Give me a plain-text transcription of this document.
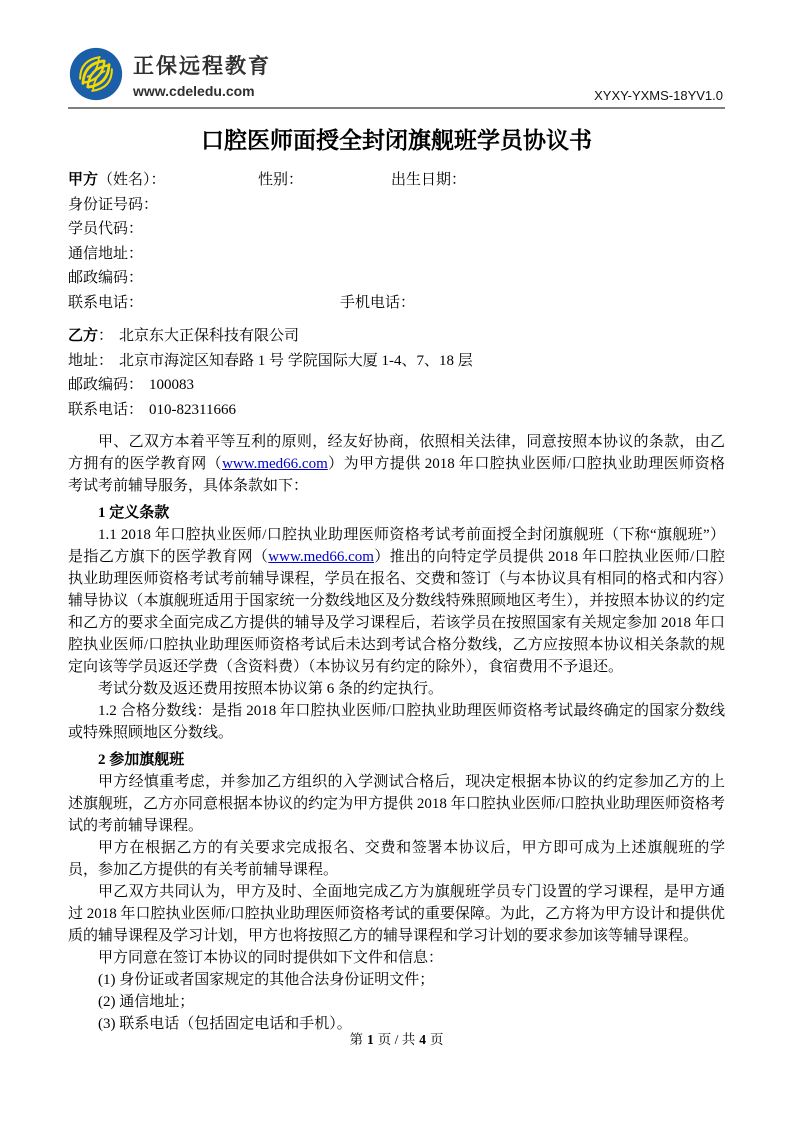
正保远程教育
www.cdeledu.com	XYXY-YXMS-18YV1.0
口腔医师面授全封闭旗舰班学员协议书
甲方（姓名）：	性别：	出生日期：
身份证号码：
学员代码：
通信地址：
邮政编码：
联系电话：	手机电话：
乙方： 北京东大正保科技有限公司
地址： 北京市海淀区知春路 1 号 学院国际大厦 1-4、7、18 层
邮政编码： 100083
联系电话： 010-82311666

甲、乙双方本着平等互利的原则，经友好协商，依照相关法律，同意按照本协议的条款，由乙方拥有的医学教育网（www.med66.com）为甲方提供 2018 年口腔执业医师/口腔执业助理医师资格考试考前辅导服务，具体条款如下：

1 定义条款

1.1 2018 年口腔执业医师/口腔执业助理医师资格考试考前面授全封闭旗舰班（下称“旗舰班”）是指乙方旗下的医学教育网（www.med66.com）推出的向特定学员提供 2018 年口腔执业医师/口腔执业助理医师资格考试考前辅导课程，学员在报名、交费和签订（与本协议具有相同的格式和内容）辅导协议（本旗舰班适用于国家统一分数线地区及分数线特殊照顾地区考生），并按照本协议的约定和乙方的要求全面完成乙方提供的辅导及学习课程后，若该学员在按照国家有关规定参加 2018 年口腔执业医师/口腔执业助理医师资格考试后未达到考试合格分数线，乙方应按照本协议相关条款的规定向该等学员返还学费（含资料费）（本协议另有约定的除外），食宿费用不予退还。

考试分数及返还费用按照本协议第 6 条的约定执行。

1.2 合格分数线：是指 2018 年口腔执业医师/口腔执业助理医师资格考试最终确定的国家分数线或特殊照顾地区分数线。

2 参加旗舰班

甲方经慎重考虑，并参加乙方组织的入学测试合格后，现决定根据本协议的约定参加乙方的上述旗舰班，乙方亦同意根据本协议的约定为甲方提供 2018 年口腔执业医师/口腔执业助理医师资格考试的考前辅导课程。

甲方在根据乙方的有关要求完成报名、交费和签署本协议后，甲方即可成为上述旗舰班的学员，参加乙方提供的有关考前辅导课程。

甲乙双方共同认为，甲方及时、全面地完成乙方为旗舰班学员专门设置的学习课程，是甲方通过 2018 年口腔执业医师/口腔执业助理医师资格考试的重要保障。为此，乙方将为甲方设计和提供优质的辅导课程及学习计划，甲方也将按照乙方的辅导课程和学习计划的要求参加该等辅导课程。

甲方同意在签订本协议的同时提供如下文件和信息：

(1) 身份证或者国家规定的其他合法身份证明文件；

(2) 通信地址；

(3) 联系电话（包括固定电话和手机）。

第 1 页 / 共 4 页
